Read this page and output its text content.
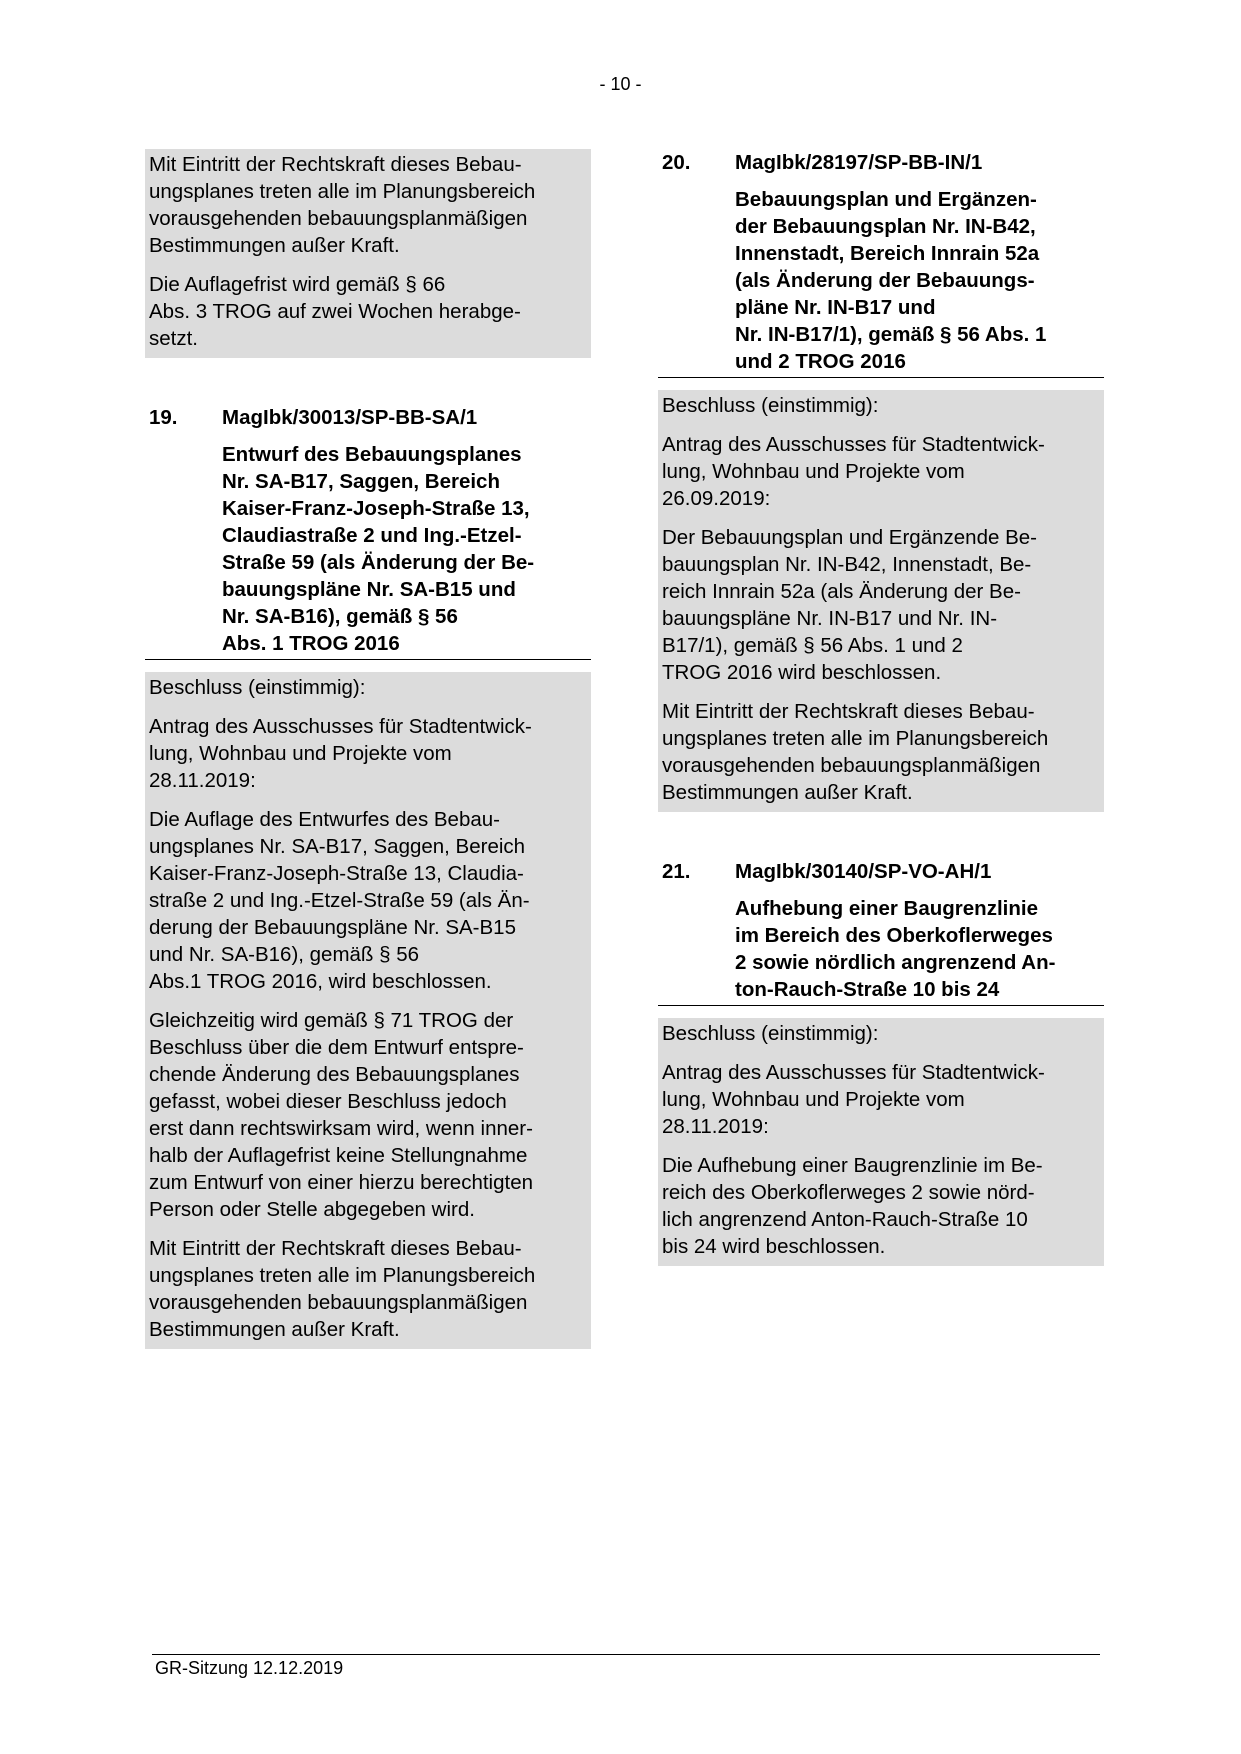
- 10 -

Mit Eintritt der Rechtskraft dieses Bebau-
ungsplanes treten alle im Planungsbereich
vorausgehenden bebauungsplanmäßigen
Bestimmungen außer Kraft.

Die Auflagefrist wird gemäß § 66
Abs. 3 TROG auf zwei Wochen herabge-
setzt.

19.	MagIbk/30013/SP-BB-SA/1
Entwurf des Bebauungsplanes
Nr. SA-B17, Saggen, Bereich
Kaiser-Franz-Joseph-Straße 13,
Claudiastraße 2 und Ing.-Etzel-
Straße 59 (als Änderung der Be-
bauungspläne Nr. SA-B15 und
Nr. SA-B16), gemäß § 56
Abs. 1 TROG 2016

Beschluss (einstimmig):

Antrag des Ausschusses für Stadtentwick-
lung, Wohnbau und Projekte vom
28.11.2019:

Die Auflage des Entwurfes des Bebau-
ungsplanes Nr. SA-B17, Saggen, Bereich
Kaiser-Franz-Joseph-Straße 13, Claudia-
straße 2 und Ing.-Etzel-Straße 59 (als Än-
derung der Bebauungspläne Nr. SA-B15
und Nr. SA-B16), gemäß § 56
Abs.1 TROG 2016, wird beschlossen.

Gleichzeitig wird gemäß § 71 TROG der
Beschluss über die dem Entwurf entspre-
chende Änderung des Bebauungsplanes
gefasst, wobei dieser Beschluss jedoch
erst dann rechtswirksam wird, wenn inner-
halb der Auflagefrist keine Stellungnahme
zum Entwurf von einer hierzu berechtigten
Person oder Stelle abgegeben wird.

Mit Eintritt der Rechtskraft dieses Bebau-
ungsplanes treten alle im Planungsbereich
vorausgehenden bebauungsplanmäßigen
Bestimmungen außer Kraft.

20.	MagIbk/28197/SP-BB-IN/1
Bebauungsplan und Ergänzen-
der Bebauungsplan Nr. IN-B42,
Innenstadt, Bereich Innrain 52a
(als Änderung der Bebauungs-
pläne Nr. IN-B17 und
Nr. IN-B17/1), gemäß § 56 Abs. 1
und 2 TROG 2016

Beschluss (einstimmig):

Antrag des Ausschusses für Stadtentwick-
lung, Wohnbau und Projekte vom
26.09.2019:

Der Bebauungsplan und Ergänzende Be-
bauungsplan Nr. IN-B42, Innenstadt, Be-
reich Innrain 52a (als Änderung der Be-
bauungspläne Nr. IN-B17 und Nr. IN-
B17/1), gemäß § 56 Abs. 1 und 2
TROG 2016 wird beschlossen.

Mit Eintritt der Rechtskraft dieses Bebau-
ungsplanes treten alle im Planungsbereich
vorausgehenden bebauungsplanmäßigen
Bestimmungen außer Kraft.

21.	MagIbk/30140/SP-VO-AH/1
Aufhebung einer Baugrenzlinie
im Bereich des Oberkoflerweges
2 sowie nördlich angrenzend An-
ton-Rauch-Straße 10 bis 24

Beschluss (einstimmig):

Antrag des Ausschusses für Stadtentwick-
lung, Wohnbau und Projekte vom
28.11.2019:

Die Aufhebung einer Baugrenzlinie im Be-
reich des Oberkoflerweges 2 sowie nörd-
lich angrenzend Anton-Rauch-Straße 10
bis 24 wird beschlossen.

GR-Sitzung 12.12.2019
